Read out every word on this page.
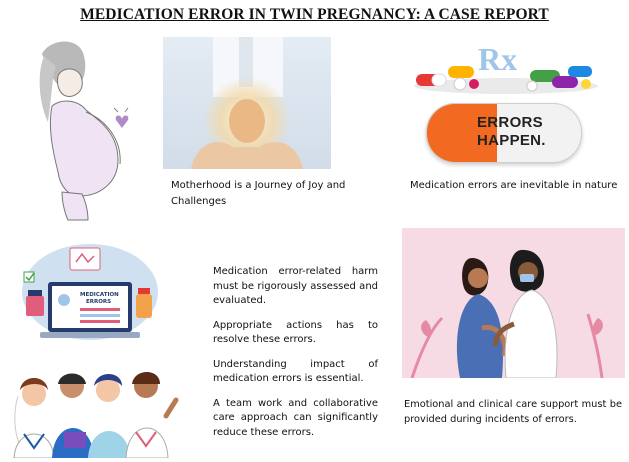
MEDICATION ERROR IN TWIN PREGNANCY: A CASE REPORT
Rx
ERRORS
HAPPEN.
Motherhood is a Journey of Joy and Challenges
Medication errors are inevitable in nature
MEDICATION
ERRORS

Medication error-related harm must be rigorously assessed and evaluated.

Appropriate actions has to resolve these errors.

Understanding impact of medication errors is essential.

A team work and collaborative care approach can significantly reduce these errors.

Emotional and clinical care support must be provided during incidents of errors.
